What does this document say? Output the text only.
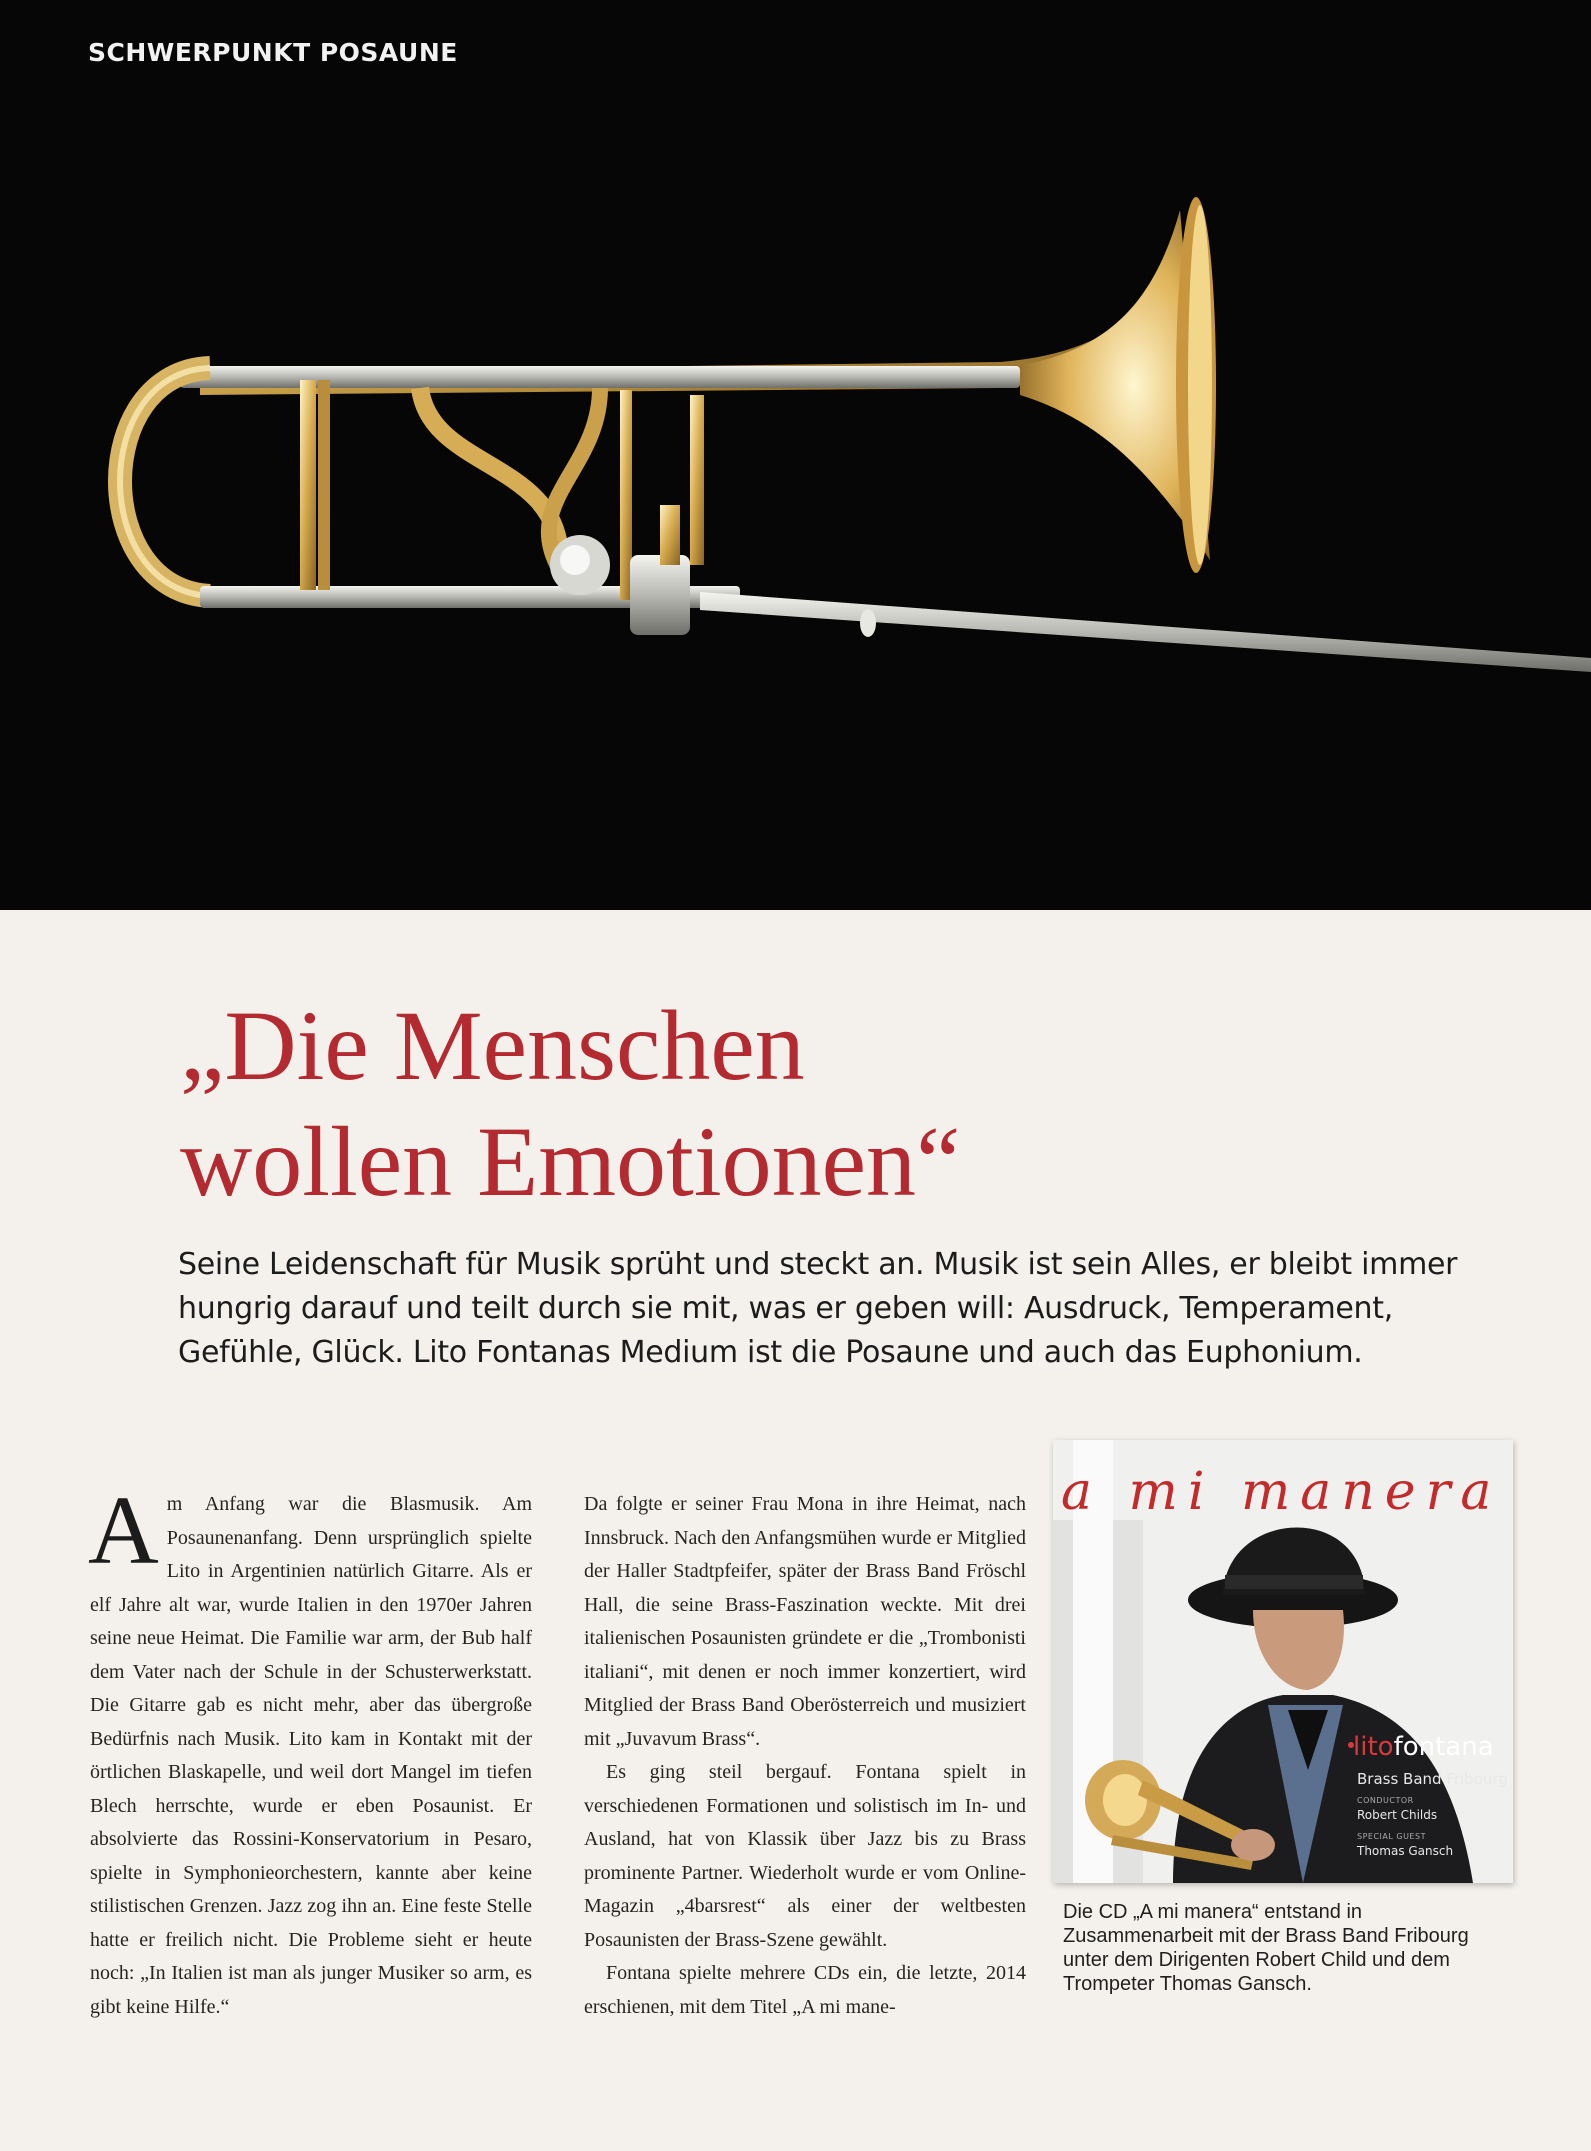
SCHWERPUNKT POSAUNE
„Die Menschen
wollen Emotionen“
Seine Leidenschaft für Musik sprüht und steckt an. Musik ist sein Alles, er bleibt immer hungrig darauf und teilt durch sie mit, was er geben will: Ausdruck, Temperament, Gefühle, Glück. Lito Fontanas Medium ist die Posaune und auch das Euphonium.

Am Anfang war die Blasmusik. Am Posaunenanfang. Denn ursprünglich spielte Lito in Argentinien natürlich Gitarre. Als er elf Jahre alt war, wurde Italien in den 1970er Jahren seine neue Heimat. Die Familie war arm, der Bub half dem Vater nach der Schule in der Schusterwerkstatt. Die Gitarre gab es nicht mehr, aber das übergroße Bedürfnis nach Musik. Lito kam in Kontakt mit der örtlichen Blaskapelle, und weil dort Mangel im tiefen Blech herrschte, wurde er eben Posaunist. Er absolvierte das Rossini-Konservatorium in Pesaro, spielte in Symphonieorchestern, kannte aber keine stilistischen Grenzen. Jazz zog ihn an. Eine feste Stelle hatte er freilich nicht. Die Probleme sieht er heute noch: „In Italien ist man als junger Musiker so arm, es gibt keine Hilfe.“

Da folgte er seiner Frau Mona in ihre Heimat, nach Innsbruck. Nach den Anfangsmühen wurde er Mitglied der Haller Stadtpfeifer, später der Brass Band Fröschl Hall, die seine Brass-Faszination weckte. Mit drei italienischen Posaunisten gründete er die „Trombonisti italiani“, mit denen er noch immer konzertiert, wird Mitglied der Brass Band Oberösterreich und musiziert mit „Juvavum Brass“.

Es ging steil bergauf. Fontana spielt in verschiedenen Formationen und solistisch im In- und Ausland, hat von Klassik über Jazz bis zu Brass prominente Partner. Wiederholt wurde er vom Online-Magazin „4barsrest“ als einer der weltbesten Posaunisten der Brass-Szene gewählt.

Fontana spielte mehrere CDs ein, die letzte, 2014 erschienen, mit dem Titel „A mi mane-

a mi manera
litofontana
Brass Band Fribourg
CONDUCTOR
Robert Childs
SPECIAL GUEST
Thomas Gansch
Die CD „A mi manera“ entstand in Zusammenarbeit mit der Brass Band Fribourg unter dem Dirigenten Robert Child und dem Trompeter Thomas Gansch.
